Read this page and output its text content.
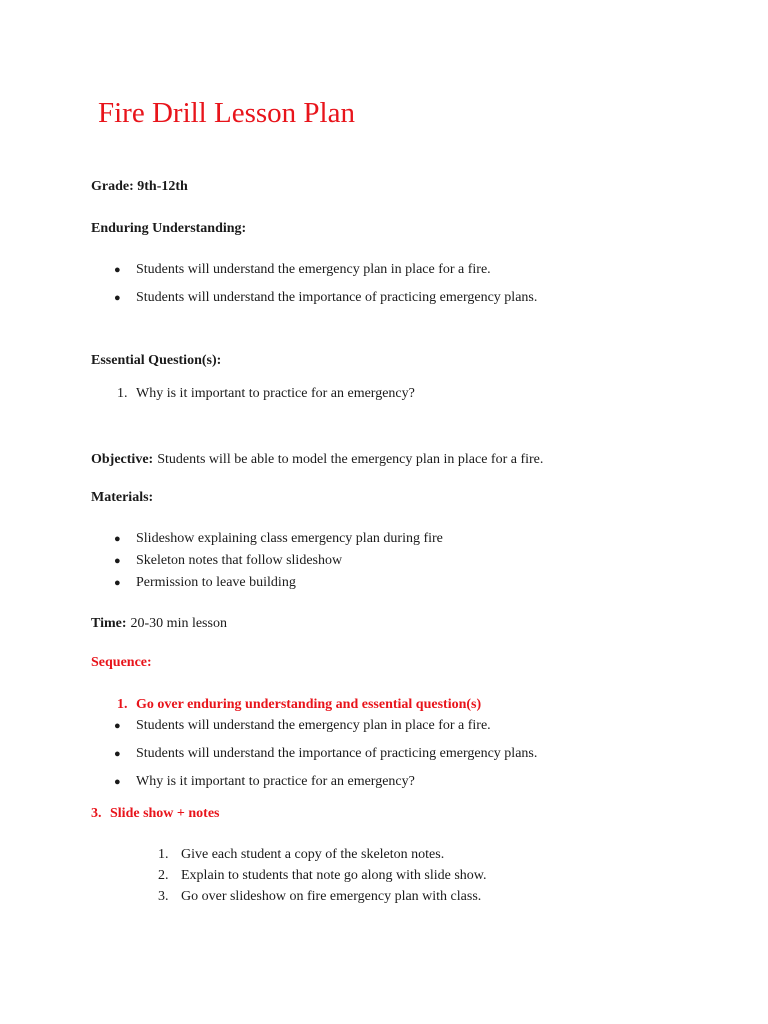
Fire Drill Lesson Plan
Grade: 9th-12th
Enduring Understanding:
● Students will understand the emergency plan in place for a fire.
● Students will understand the importance of practicing emergency plans.
Essential Question(s):
1. Why is it important to practice for an emergency?
Objective: Students will be able to model the emergency plan in place for a fire.
Materials:
● Slideshow explaining class emergency plan during fire
● Skeleton notes that follow slideshow
● Permission to leave building
Time: 20-30 min lesson
Sequence:
1. Go over enduring understanding and essential question(s)
● Students will understand the emergency plan in place for a fire.
● Students will understand the importance of practicing emergency plans.
● Why is it important to practice for an emergency?
3. Slide show + notes
1. Give each student a copy of the skeleton notes.
2. Explain to students that note go along with slide show.
3. Go over slideshow on fire emergency plan with class.
